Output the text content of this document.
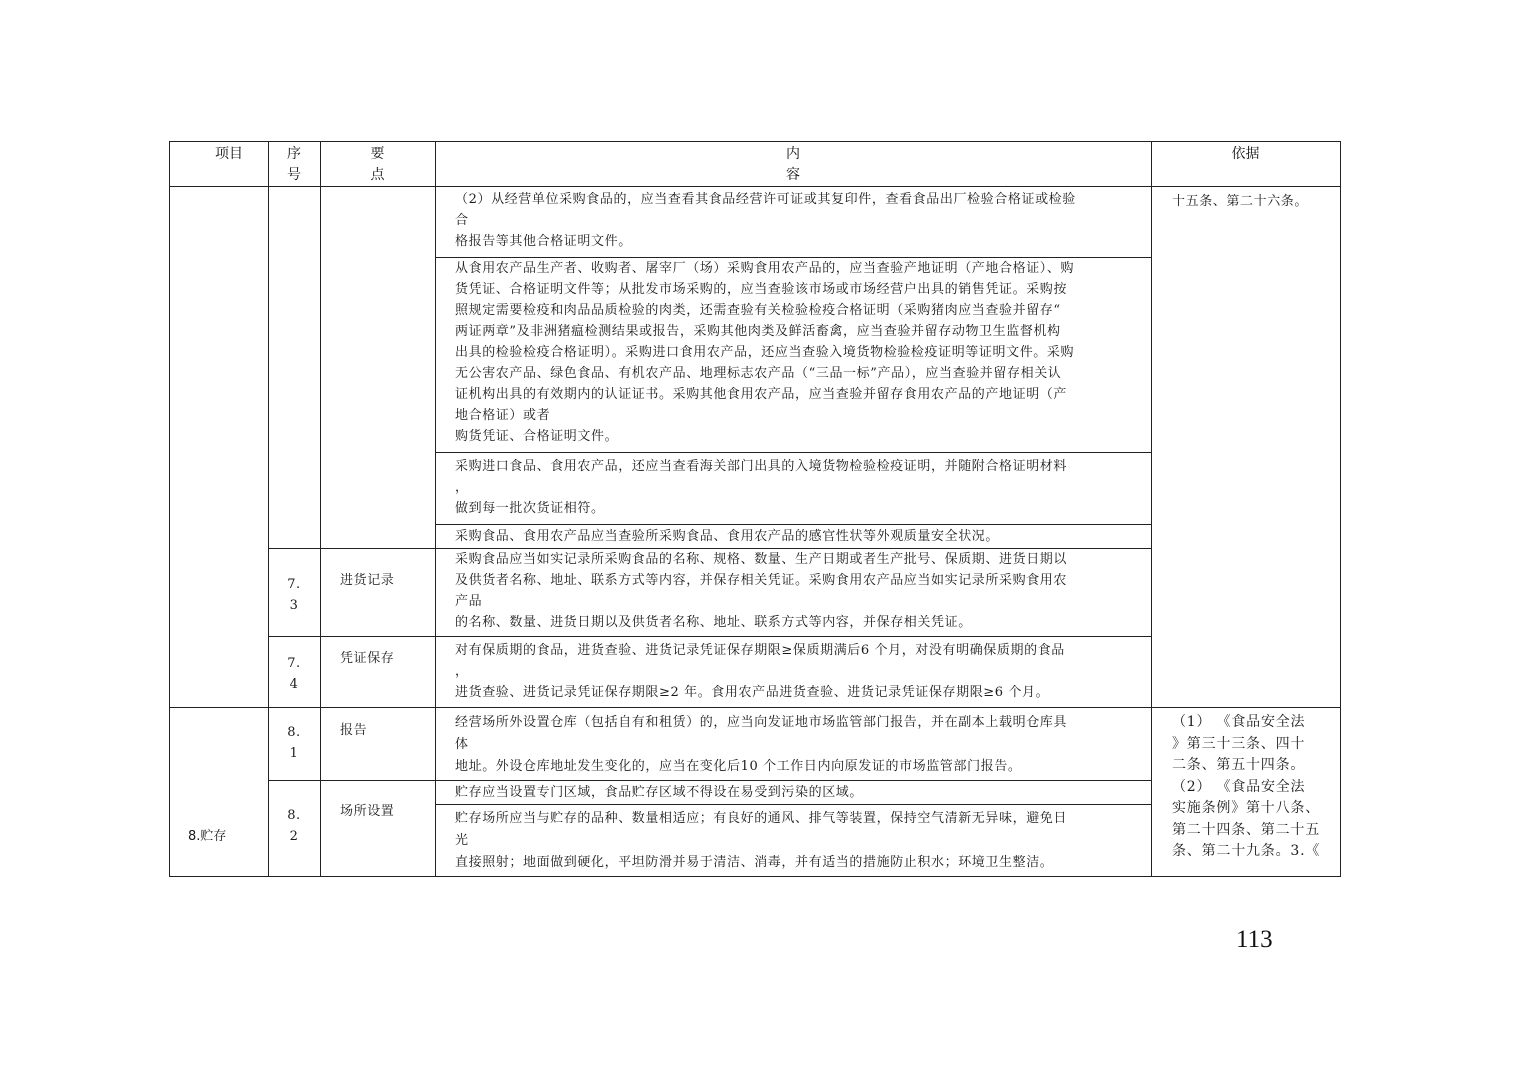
项目	序
号
要
点
内
容
依据
十五条、第二十六条。
（2）从经营单位采购食品的，应当查看其食品经营许可证或其复印件，查看食品出厂检验合格证或检验
合
格报告等其他合格证明文件。
从食用农产品生产者、收购者、屠宰厂（场）采购食用农产品的，应当查验产地证明（产地合格证）、购
货凭证、合格证明文件等；从批发市场采购的，应当查验该市场或市场经营户出具的销售凭证。采购按
照规定需要检疫和肉品品质检验的肉类，还需查验有关检验检疫合格证明（采购猪肉应当查验并留存“
两证两章”及非洲猪瘟检测结果或报告，采购其他肉类及鲜活畜禽，应当查验并留存动物卫生监督机构
出具的检验检疫合格证明）。采购进口食用农产品，还应当查验入境货物检验检疫证明等证明文件。采购
无公害农产品、绿色食品、有机农产品、地理标志农产品（“三品一标”产品），应当查验并留存相关认
证机构出具的有效期内的认证证书。采购其他食用农产品，应当查验并留存食用农产品的产地证明（产
地合格证）或者
购货凭证、合格证明文件。
采购进口食品、食用农产品，还应当查看海关部门出具的入境货物检验检疫证明，并随附合格证明材料
，
做到每一批次货证相符。
采购食品、食用农产品应当查验所采购食品、食用农产品的感官性状等外观质量安全状况。
7.
3
进货记录
采购食品应当如实记录所采购食品的名称、规格、数量、生产日期或者生产批号、保质期、进货日期以
及供货者名称、地址、联系方式等内容，并保存相关凭证。采购食用农产品应当如实记录所采购食用农
产品
的名称、数量、进货日期以及供货者名称、地址、联系方式等内容，并保存相关凭证。
7.
4
凭证保存
对有保质期的食品，进货查验、进货记录凭证保存期限≥保质期满后6 个月，对没有明确保质期的食品
，
进货查验、进货记录凭证保存期限≥2 年。食用农产品进货查验、进货记录凭证保存期限≥6 个月。
8.贮存
8.
1
报告
经营场所外设置仓库（包括自有和租赁）的，应当向发证地市场监管部门报告，并在副本上载明仓库具
体
地址。外设仓库地址发生变化的，应当在变化后10 个工作日内向原发证的市场监管部门报告。
贮存应当设置专门区域，食品贮存区域不得设在易受到污染的区域。
8.
2
场所设置	贮存场所应当与贮存的品种、数量相适应；有良好的通风、排气等装置，保持空气清新无异味，避免日
光
直接照射；地面做到硬化，平坦防滑并易于清洁、消毒，并有适当的措施防止积水；环境卫生整洁。
（1） 《食品安全法
》第三十三条、四十
二条、第五十四条。
（2） 《食品安全法
实施条例》第十八条、
第二十四条、第二十五
条、第二十九条。3.《
113
